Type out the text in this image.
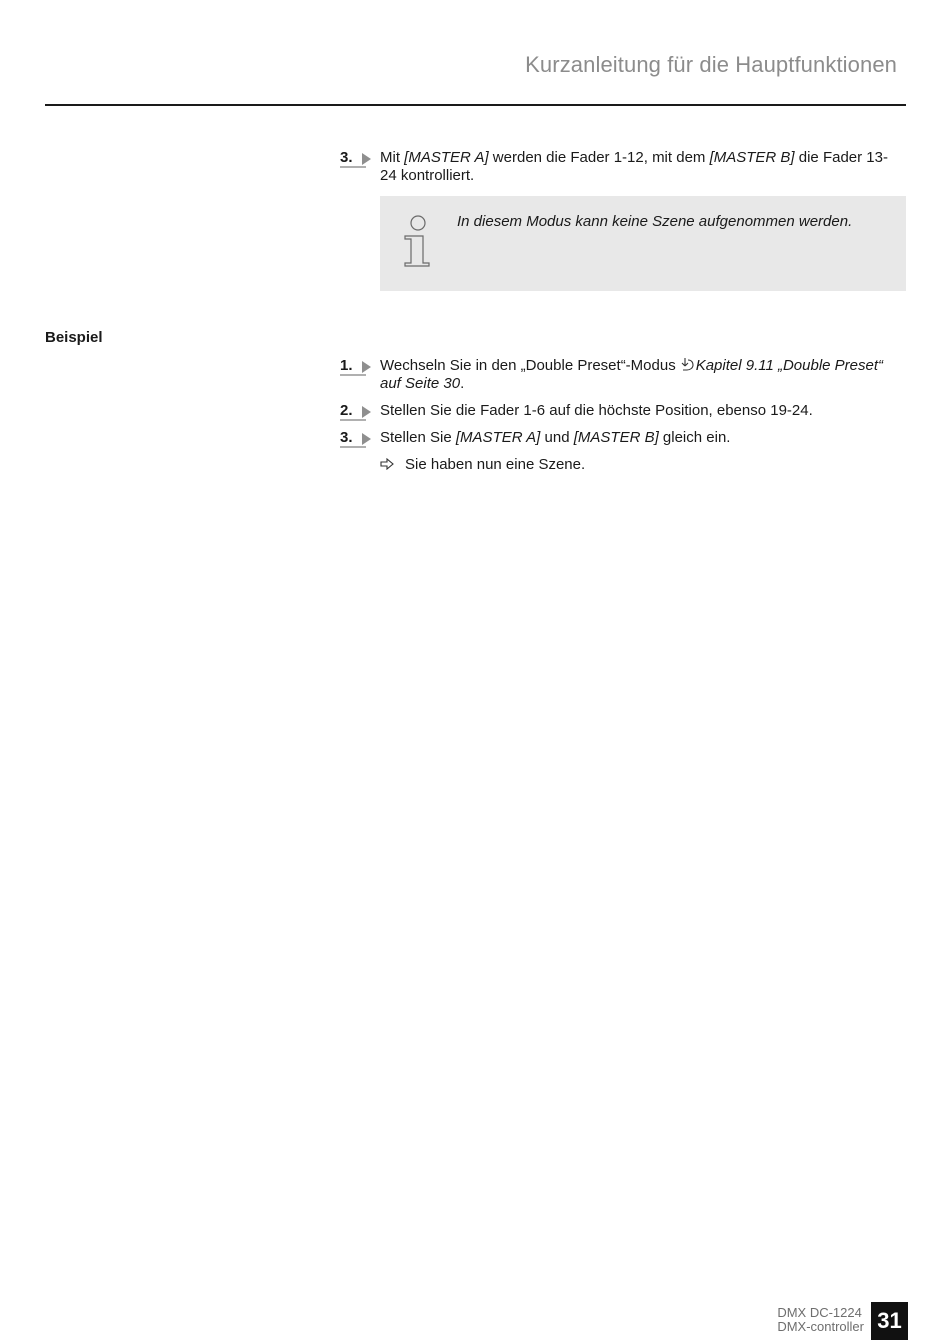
Kurzanleitung für die Hauptfunktionen
3.	Mit [MASTER A] werden die Fader 1-12, mit dem [MASTER B] die Fader 13-24 kontrolliert.
In diesem Modus kann keine Szene aufgenommen werden.
Beispiel
1.	Wechseln Sie in den „Double Preset“-Modus Kapitel 9.11 „Double Preset“ auf Seite 30.
2.	Stellen Sie die Fader 1-6 auf die höchste Position, ebenso 19-24.
3.	Stellen Sie [MASTER A] und [MASTER B] gleich ein.
Sie haben nun eine Szene.
DMX DC-1224
DMX-controller 31
